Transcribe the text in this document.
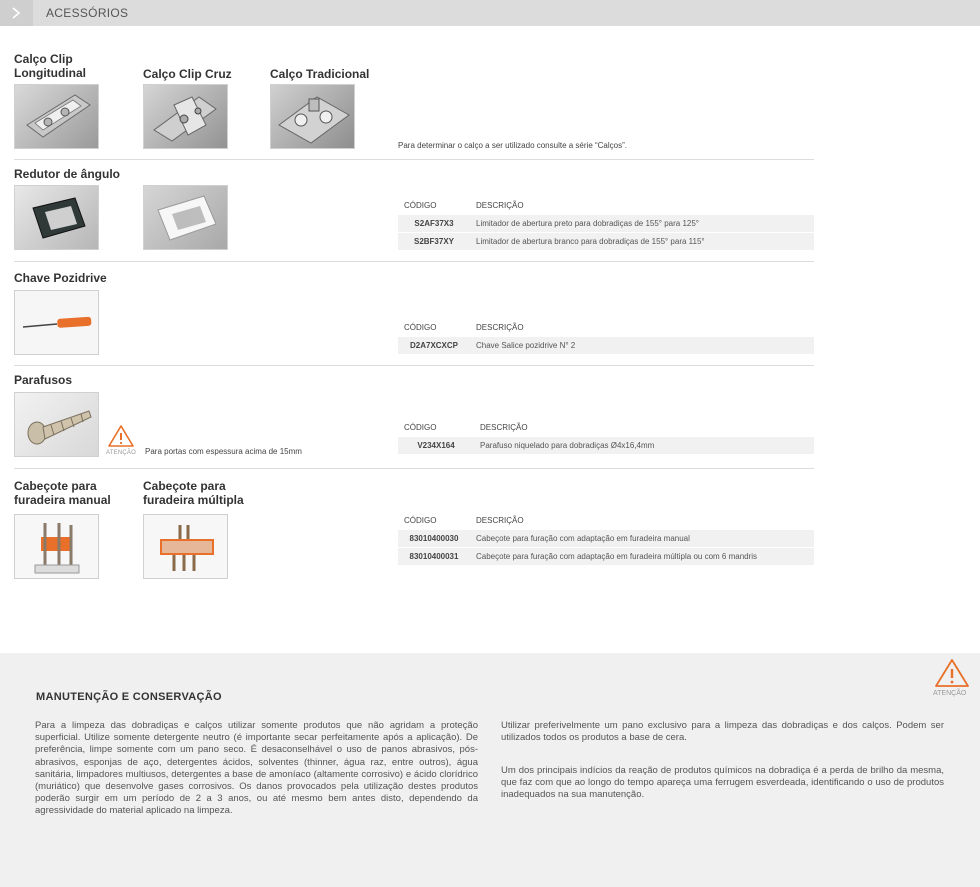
ACESSÓRIOS
Calço Clip Longitudinal	Calço Clip Cruz	Calço Tradicional
Para determinar o calço a ser utilizado consulte a série “Calços”.
Redutor de ângulo
CÓDIGO	DESCRIÇÃO
S2AF37X3	Limitador de abertura preto para dobradiças de 155° para 125°
S2BF37XY	Limitador de abertura branco para dobradiças de 155° para 115°
Chave Pozidrive
CÓDIGO	DESCRIÇÃO
D2A7XCXCP	Chave Salice pozidrive N° 2
Parafusos
ATENÇÃO Para portas com espessura acima de 15mm
CÓDIGO	DESCRIÇÃO
V234X164	Parafuso niquelado para dobradiças Ø4x16,4mm
Cabeçote para furadeira manual
Cabeçote para furadeira múltipla
CÓDIGO	DESCRIÇÃO
83010400030	Cabeçote para furação com adaptação em furadeira manual
83010400031	Cabeçote para furação com adaptação em furadeira múltipla ou com 6 mandris
ATENÇÃO
MANUTENÇÃO E CONSERVAÇÃO
Para a limpeza das dobradiças e calços utilizar somente produtos que não agridam a proteção superficial. Utilize somente detergente neutro (é importante secar perfeitamente após a aplicação). De preferência, limpe somente com um pano seco. É desaconselhável o uso de panos abrasivos, pós-abrasivos, esponjas de aço, detergentes ácidos, solventes (thinner, água raz, entre outros), água sanitária, limpadores multiusos, detergentes a base de amoníaco (altamente corrosivo) e ácido clorídrico (muriático) que desenvolve gases corrosivos. Os danos provocados pela utilização destes produtos poderão surgir em um período de 2 a 3 anos, ou até mesmo bem antes disto, dependendo da agressividade do material aplicado na limpeza.
Utilizar preferivelmente um pano exclusivo para a limpeza das dobradiças e dos calços. Podem ser utilizados todos os produtos a base de cera.
Um dos principais indícios da reação de produtos químicos na dobradiça é a perda de brilho da mesma, que faz com que ao longo do tempo apareça uma ferrugem esverdeada, identificando o uso de produtos inadequados na sua manutenção.
